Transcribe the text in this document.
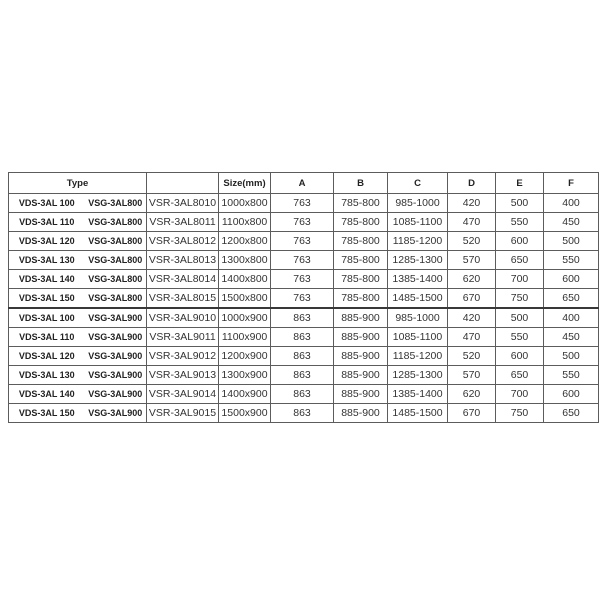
Type			Size(mm)	A	B	C	D	E	F
VDS-3AL 100	VSG-3AL800	VSR-3AL8010	1000x800	763	785-800	985-1000	420	500	400
VDS-3AL 110	VSG-3AL800	VSR-3AL8011	1100x800	763	785-800	1085-1100	470	550	450
VDS-3AL 120	VSG-3AL800	VSR-3AL8012	1200x800	763	785-800	1185-1200	520	600	500
VDS-3AL 130	VSG-3AL800	VSR-3AL8013	1300x800	763	785-800	1285-1300	570	650	550
VDS-3AL 140	VSG-3AL800	VSR-3AL8014	1400x800	763	785-800	1385-1400	620	700	600
VDS-3AL 150	VSG-3AL800	VSR-3AL8015	1500x800	763	785-800	1485-1500	670	750	650
VDS-3AL 100	VSG-3AL900	VSR-3AL9010	1000x900	863	885-900	985-1000	420	500	400
VDS-3AL 110	VSG-3AL900	VSR-3AL9011	1100x900	863	885-900	1085-1100	470	550	450
VDS-3AL 120	VSG-3AL900	VSR-3AL9012	1200x900	863	885-900	1185-1200	520	600	500
VDS-3AL 130	VSG-3AL900	VSR-3AL9013	1300x900	863	885-900	1285-1300	570	650	550
VDS-3AL 140	VSG-3AL900	VSR-3AL9014	1400x900	863	885-900	1385-1400	620	700	600
VDS-3AL 150	VSG-3AL900	VSR-3AL9015	1500x900	863	885-900	1485-1500	670	750	650
